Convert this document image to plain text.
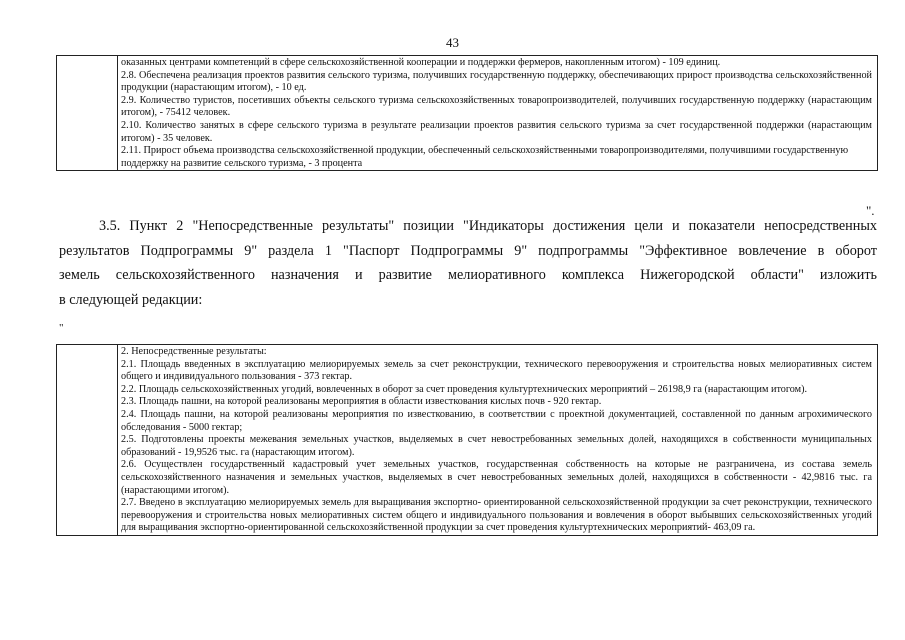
43

оказанных центрами компетенций в сфере сельскохозяйственной кооперации и поддержки фермеров, накопленным итогом) - 109 единиц.

2.8. Обеспечена реализация проектов развития сельского туризма, получивших государственную поддержку, обеспечивающих прирост производства сельскохозяйственной продукции (нарастающим итогом), - 10 ед.

2.9. Количество туристов, посетивших объекты сельского туризма сельскохозяйственных товаропроизводителей, получивших государственную поддержку (нарастающим итогом), - 75412 человек.

2.10. Количество занятых в сфере сельского туризма в результате реализации проектов развития сельского туризма за счет государственной поддержки (нарастающим итогом) - 35 человек.

2.11. Прирост объема производства сельскохозяйственной продукции, обеспеченный сельскохозяйственными товаропроизводителями, получившими государственную поддержку на развитие сельского туризма, - 3 процента

".
3.5. Пункт 2 "Непосредственные результаты" позиции "Индикаторы достижения цели и показатели непосредственных
результатов Подпрограммы 9" раздела 1 "Паспорт Подпрограммы 9" подпрограммы "Эффективное вовлечение в оборот
земель сельскохозяйственного назначения и развитие мелиоративного комплекса Нижегородской области" изложить
в следующей редакции:
"

2. Непосредственные результаты:

2.1. Площадь введенных в эксплуатацию мелиорируемых земель за счет реконструкции, технического перевооружения и строительства новых мелиоративных систем общего и индивидуального пользования - 373 гектар.

2.2. Площадь сельскохозяйственных угодий, вовлеченных в оборот за счет проведения культуртехнических мероприятий – 26198,9 га (нарастающим итогом).

2.3. Площадь пашни, на которой реализованы мероприятия в области известкования кислых почв - 920 гектар.

2.4. Площадь пашни, на которой реализованы мероприятия по известкованию, в соответствии с проектной документацией, составленной по данным агрохимического обследования - 5000 гектар;

2.5. Подготовлены проекты межевания земельных участков, выделяемых в счет невостребованных земельных долей, находящихся в собственности муниципальных образований - 19,9526 тыс. га (нарастающим итогом).

2.6. Осуществлен государственный кадастровый учет земельных участков, государственная собственность на которые не разграничена, из состава земель сельскохозяйственного назначения и земельных участков, выделяемых в счет невостребованных земельных долей, находящихся в собственности - 42,9816 тыс. га (нарастающими итогом).

2.7. Введено в эксплуатацию мелиорируемых земель для выращивания экспортно- ориентированной сельскохозяйственной продукции за счет реконструкции, технического перевооружения и строительства новых мелиоративных систем общего и индивидуального пользования и вовлечения в оборот выбывших сельскохозяйственных угодий для выращивания экспортно-ориентированной сельскохозяйственной продукции за счет проведения культуртехнических мероприятий- 463,09 га.
